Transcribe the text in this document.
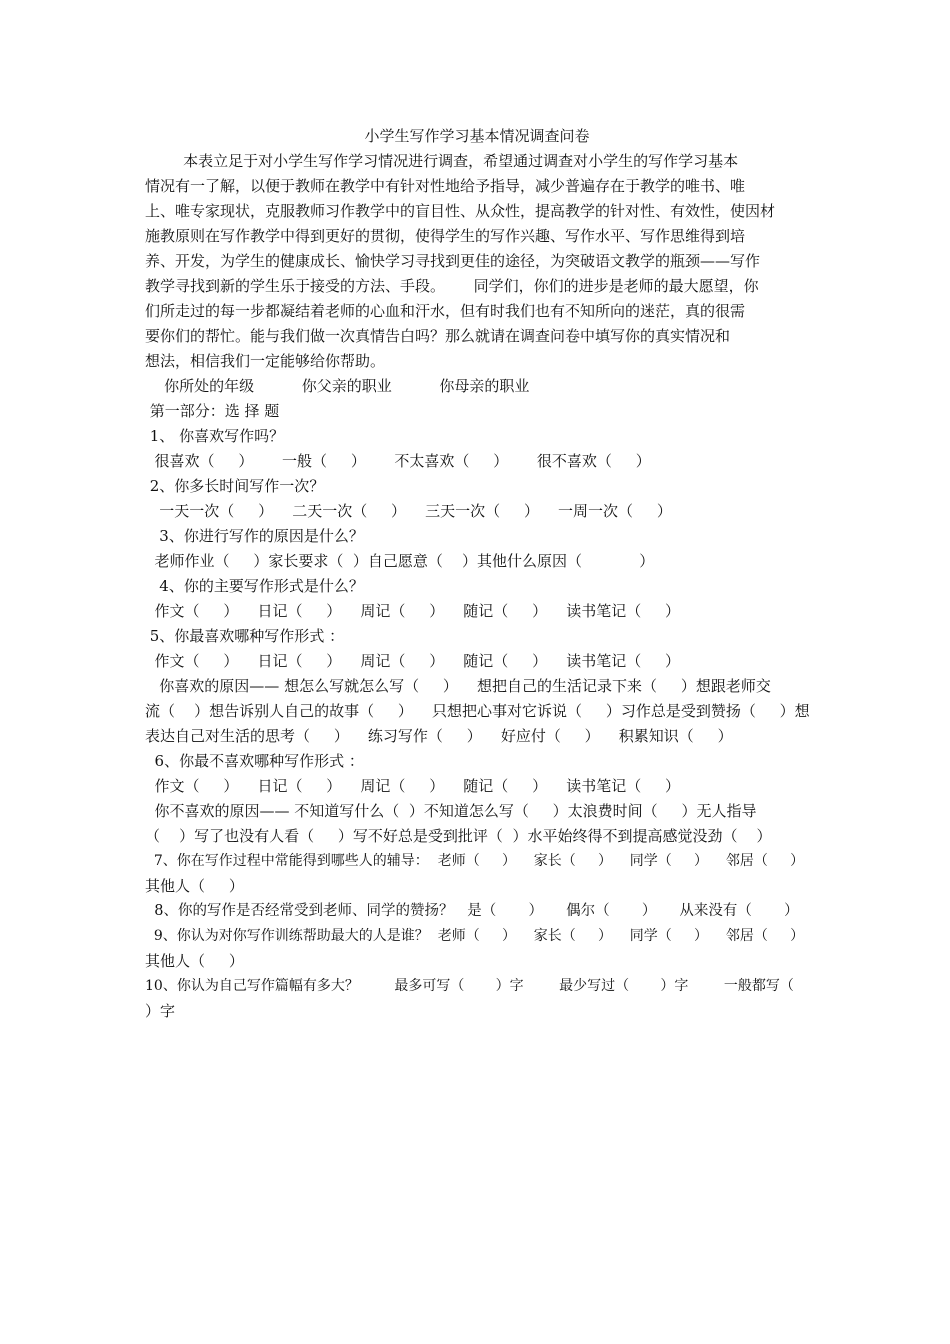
小学生写作学习基本情况调查问卷
本表立足于对小学生写作学习情况进行调查，希望通过调查对小学生的写作学习基本
情况有一了解，以便于教师在教学中有针对性地给予指导，减少普遍存在于教学的唯书、唯
上、唯专家现状，克服教师习作教学中的盲目性、从众性，提高教学的针对性、有效性，使因材
施教原则在写作教学中得到更好的贯彻，使得学生的写作兴趣、写作水平、写作思维得到培
养、开发，为学生的健康成长、愉快学习寻找到更佳的途径，为突破语文教学的瓶颈——写作
教学寻找到新的学生乐于接受的方法、手段。      同学们，你们的进步是老师的最大愿望，你
们所走过的每一步都凝结着老师的心血和汗水，但有时我们也有不知所向的迷茫，真的很需
要你们的帮忙。能与我们做一次真情告白吗？那么就请在调查问卷中填写你的真实情况和
想法，相信我们一定能够给你帮助。
你所处的年级          你父亲的职业          你母亲的职业
第一部分：选 择 题
1、 你喜欢写作吗？
很喜欢（     ）      一般（     ）      不太喜欢（     ）      很不喜欢（     ）
2、你多长时间写作一次？
一天一次（     ）    二天一次（     ）    三天一次（     ）    一周一次（     ）
3、你进行写作的原因是什么？
老师作业（     ）家长要求（  ）自己愿意（    ）其他什么原因（            ）
4、你的主要写作形式是什么？
作文（     ）    日记（     ）    周记（     ）    随记（     ）    读书笔记（     ）
5、你最喜欢哪种写作形式 ：
作文（     ）    日记（     ）    周记（     ）    随记（     ）    读书笔记（     ）
你喜欢的原因—— 想怎么写就怎么写（     ）    想把自己的生活记录下来（     ）想跟老师交
流（    ）想告诉别人自己的故事（     ）    只想把心事对它诉说（     ）习作总是受到赞扬（     ）想
表达自己对生活的思考（     ）    练习写作（     ）    好应付（     ）    积累知识（     ）
6、你最不喜欢哪种写作形式 ：
作文（     ）    日记（     ）    周记（     ）    随记（     ）    读书笔记（     ）
你不喜欢的原因—— 不知道写什么（  ）不知道怎么写（     ）太浪费时间（     ）无人指导
（    ）写了也没有人看（     ）写不好总是受到批评（  ）水平始终得不到提高感觉没劲（    ）
7、你在写作过程中常能得到哪些人的辅导：  老师（     ）    家长（     ）    同学（     ）    邻居（     ）
其他人（     ）
8、你的写作是否经常受到老师、同学的赞扬？   是（       ）     偶尔（       ）     从来没有（       ）
9、你认为对你写作训练帮助最大的人是谁？  老师（     ）    家长（     ）    同学（     ）    邻居（     ）
其他人（     ）
10、你认为自己写作篇幅有多大？        最多可写（       ）字        最少写过（       ）字        一般都写（
）字
